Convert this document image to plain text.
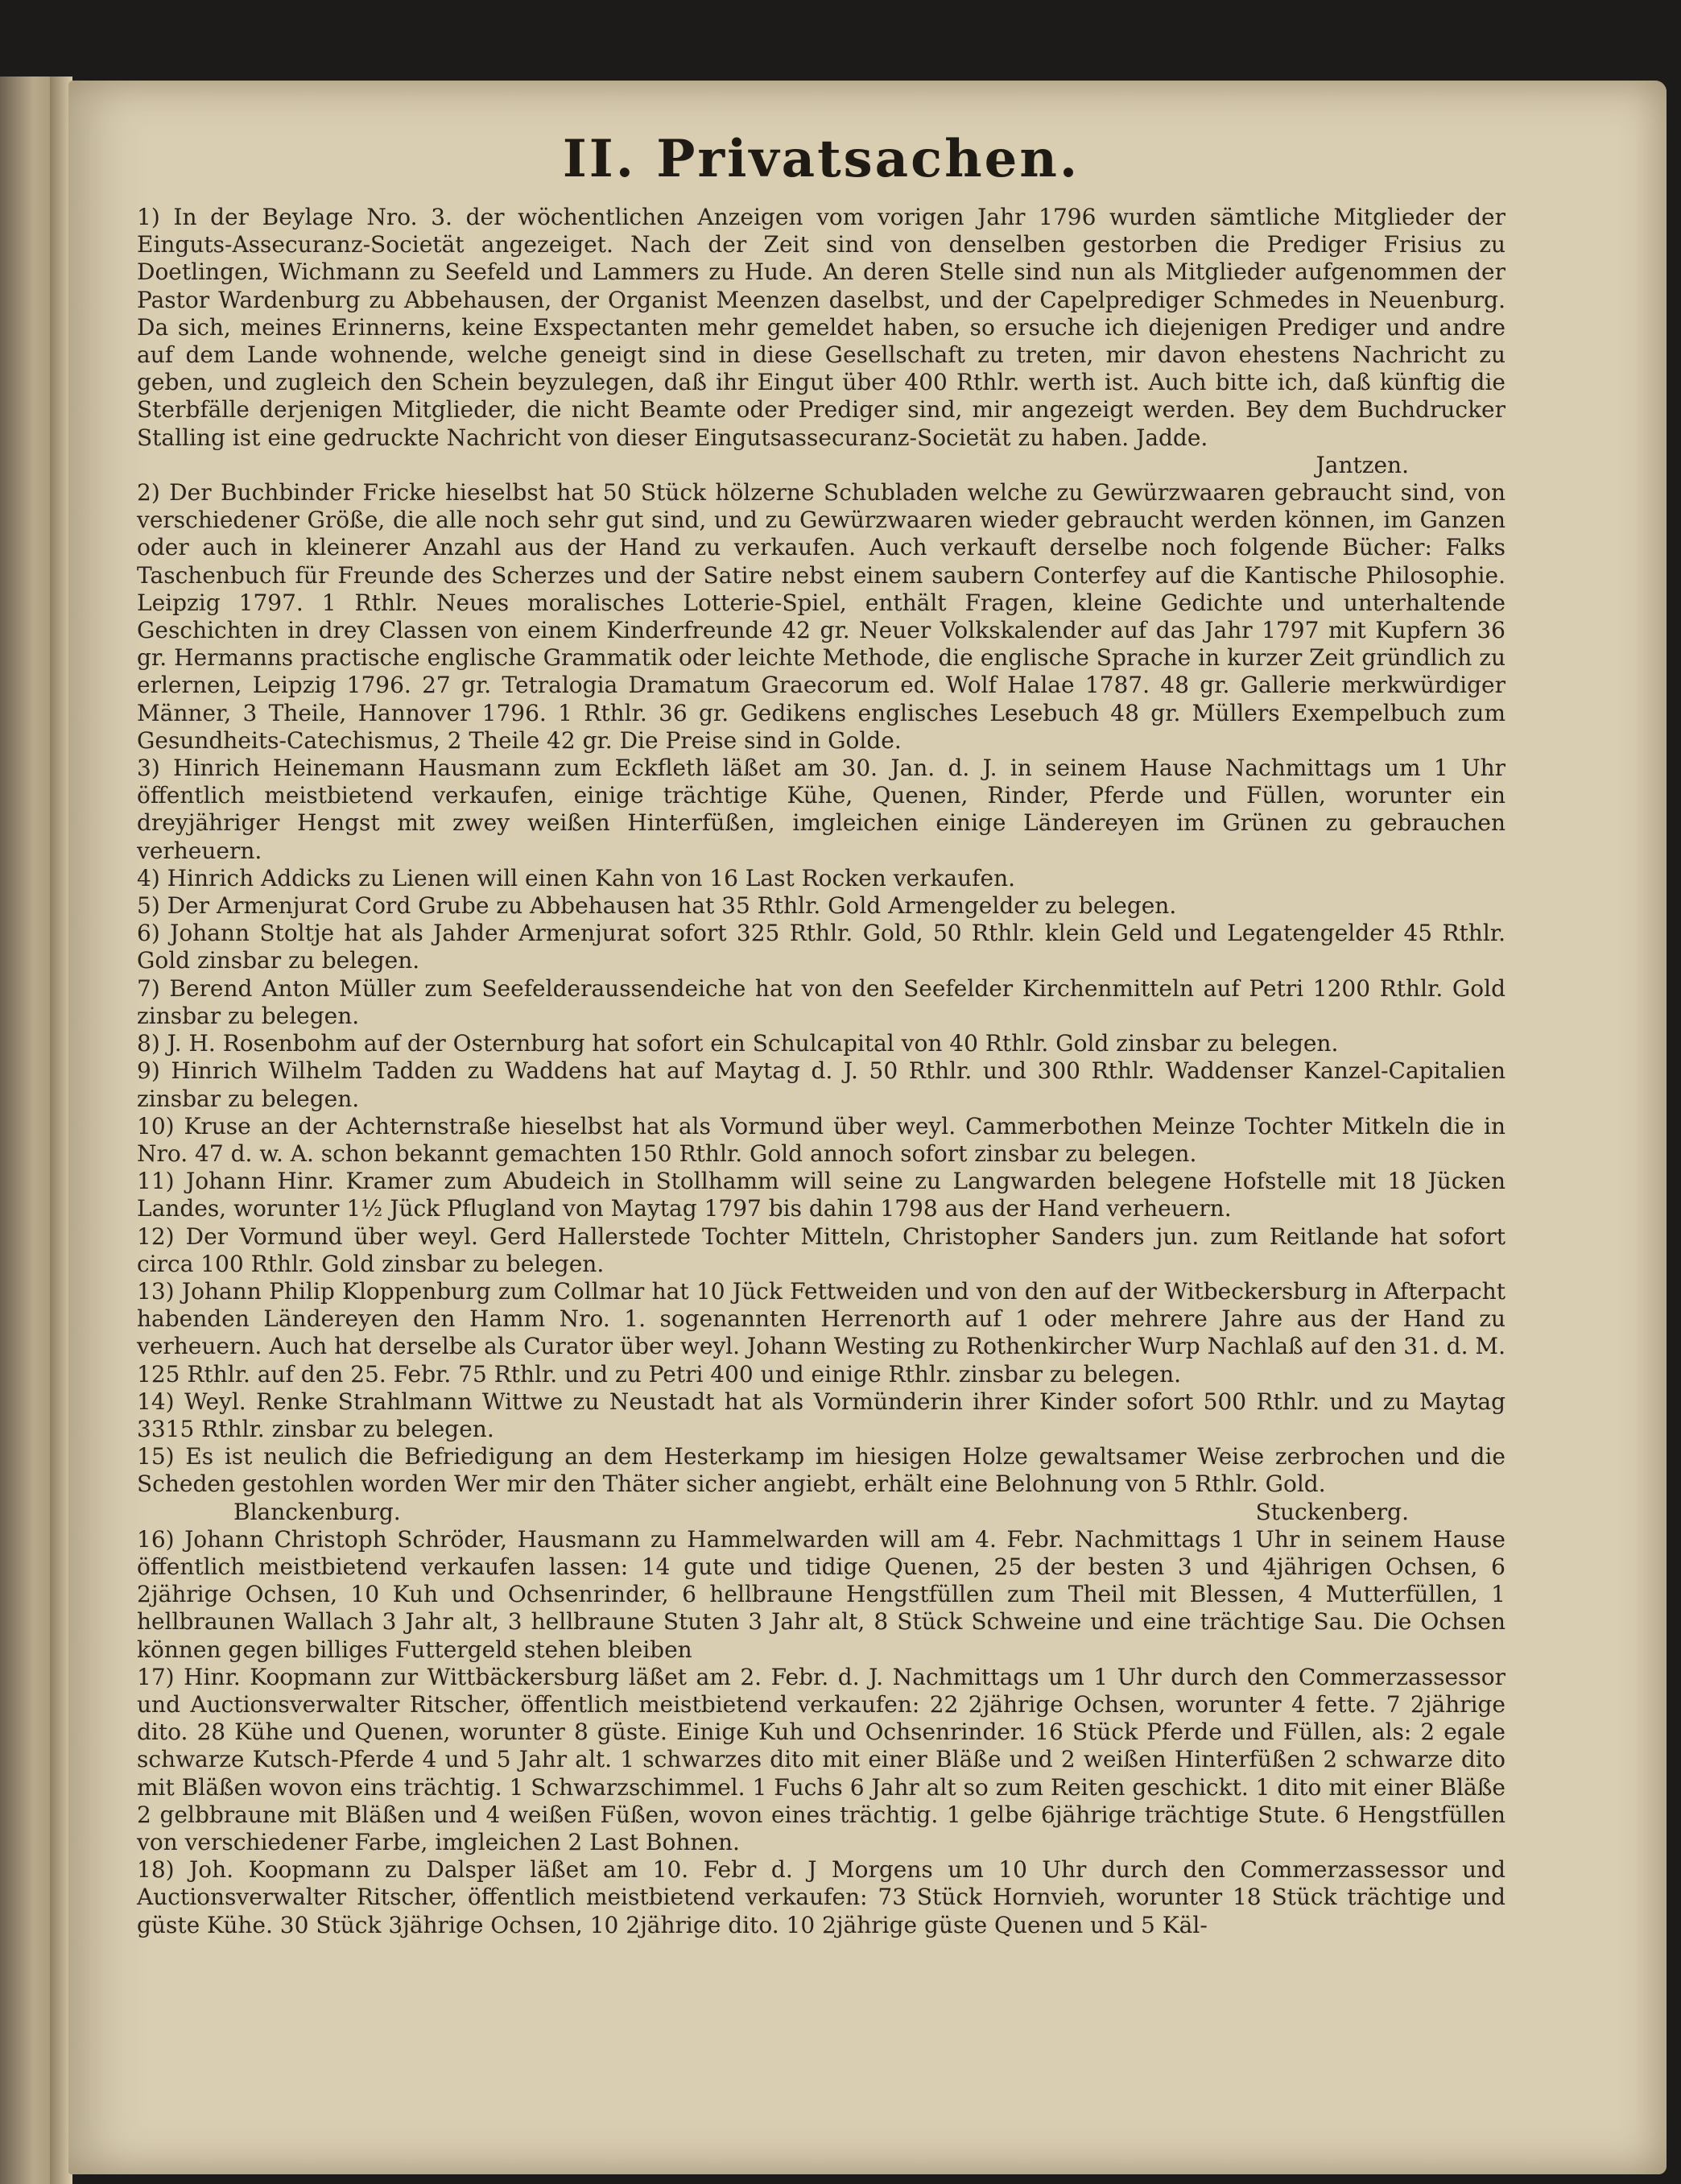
II. Privatsachen.

1) In der Beylage Nro. 3. der wöchentlichen Anzeigen vom vorigen Jahr 1796 wurden sämtliche Mitglieder der Einguts-Assecuranz-Societät angezeiget. Nach der Zeit sind von denselben gestorben die Prediger Frisius zu Doetlingen, Wichmann zu Seefeld und Lammers zu Hude. An deren Stelle sind nun als Mitglieder aufgenommen der Pastor Wardenburg zu Abbehausen, der Organist Meenzen daselbst, und der Capelprediger Schmedes in Neuenburg. Da sich, meines Erinnerns, keine Exspectanten mehr gemeldet haben, so ersuche ich diejenigen Prediger und andre auf dem Lande wohnende, welche geneigt sind in diese Gesellschaft zu treten, mir davon ehestens Nachricht zu geben, und zugleich den Schein beyzulegen, daß ihr Eingut über 400 Rthlr. werth ist. Auch bitte ich, daß künftig die Sterbfälle derjenigen Mitglieder, die nicht Beamte oder Prediger sind, mir angezeigt werden. Bey dem Buchdrucker Stalling ist eine gedruckte Nachricht von dieser Eingutsassecuranz-Societät zu haben. Jadde.

Jantzen.

2) Der Buchbinder Fricke hieselbst hat 50 Stück hölzerne Schubladen welche zu Gewürzwaaren gebraucht sind, von verschiedener Größe, die alle noch sehr gut sind, und zu Gewürzwaaren wieder gebraucht werden können, im Ganzen oder auch in kleinerer Anzahl aus der Hand zu verkaufen. Auch verkauft derselbe noch folgende Bücher: Falks Taschenbuch für Freunde des Scherzes und der Satire nebst einem saubern Conterfey auf die Kantische Philosophie. Leipzig 1797. 1 Rthlr. Neues moralisches Lotterie-Spiel, enthält Fragen, kleine Gedichte und unterhaltende Geschichten in drey Classen von einem Kinderfreunde 42 gr. Neuer Volkskalender auf das Jahr 1797 mit Kupfern 36 gr. Hermanns practische englische Grammatik oder leichte Methode, die englische Sprache in kurzer Zeit gründlich zu erlernen, Leipzig 1796. 27 gr. Tetralogia Dramatum Graecorum ed. Wolf Halae 1787. 48 gr. Gallerie merkwürdiger Männer, 3 Theile, Hannover 1796. 1 Rthlr. 36 gr. Gedikens englisches Lesebuch 48 gr. Müllers Exempelbuch zum Gesundheits-Catechismus, 2 Theile 42 gr. Die Preise sind in Golde.

3) Hinrich Heinemann Hausmann zum Eckfleth läßet am 30. Jan. d. J. in seinem Hause Nachmittags um 1 Uhr öffentlich meistbietend verkaufen, einige trächtige Kühe, Quenen, Rinder, Pferde und Füllen, worunter ein dreyjähriger Hengst mit zwey weißen Hinterfüßen, imgleichen einige Ländereyen im Grünen zu gebrauchen verheuern.

4) Hinrich Addicks zu Lienen will einen Kahn von 16 Last Rocken verkaufen.

5) Der Armenjurat Cord Grube zu Abbehausen hat 35 Rthlr. Gold Armengelder zu belegen.

6) Johann Stoltje hat als Jahder Armenjurat sofort 325 Rthlr. Gold, 50 Rthlr. klein Geld und Legatengelder 45 Rthlr. Gold zinsbar zu belegen.

7) Berend Anton Müller zum Seefelderaussendeiche hat von den Seefelder Kirchenmitteln auf Petri 1200 Rthlr. Gold zinsbar zu belegen.

8) J. H. Rosenbohm auf der Osternburg hat sofort ein Schulcapital von 40 Rthlr. Gold zinsbar zu belegen.

9) Hinrich Wilhelm Tadden zu Waddens hat auf Maytag d. J. 50 Rthlr. und 300 Rthlr. Waddenser Kanzel-Capitalien zinsbar zu belegen.

10) Kruse an der Achternstraße hieselbst hat als Vormund über weyl. Cammerbothen Meinze Tochter Mitkeln die in Nro. 47 d. w. A. schon bekannt gemachten 150 Rthlr. Gold annoch sofort zinsbar zu belegen.

11) Johann Hinr. Kramer zum Abudeich in Stollhamm will seine zu Langwarden belegene Hofstelle mit 18 Jücken Landes, worunter 1½ Jück Pflugland von Maytag 1797 bis dahin 1798 aus der Hand verheuern.

12) Der Vormund über weyl. Gerd Hallerstede Tochter Mitteln, Christopher Sanders jun. zum Reitlande hat sofort circa 100 Rthlr. Gold zinsbar zu belegen.

13) Johann Philip Kloppenburg zum Collmar hat 10 Jück Fettweiden und von den auf der Witbeckersburg in Afterpacht habenden Ländereyen den Hamm Nro. 1. sogenannten Herrenorth auf 1 oder mehrere Jahre aus der Hand zu verheuern. Auch hat derselbe als Curator über weyl. Johann Westing zu Rothenkircher Wurp Nachlaß auf den 31. d. M. 125 Rthlr. auf den 25. Febr. 75 Rthlr. und zu Petri 400 und einige Rthlr. zinsbar zu belegen.

14) Weyl. Renke Strahlmann Wittwe zu Neustadt hat als Vormünderin ihrer Kinder sofort 500 Rthlr. und zu Maytag 3315 Rthlr. zinsbar zu belegen.

15) Es ist neulich die Befriedigung an dem Hesterkamp im hiesigen Holze gewaltsamer Weise zerbrochen und die Scheden gestohlen worden Wer mir den Thäter sicher angiebt, erhält eine Belohnung von 5 Rthlr. Gold.

Blanckenburg.	Stuckenberg.

16) Johann Christoph Schröder, Hausmann zu Hammelwarden will am 4. Febr. Nachmittags 1 Uhr in seinem Hause öffentlich meistbietend verkaufen lassen: 14 gute und tidige Quenen, 25 der besten 3 und 4jährigen Ochsen, 6 2jährige Ochsen, 10 Kuh und Ochsenrinder, 6 hellbraune Hengstfüllen zum Theil mit Blessen, 4 Mutterfüllen, 1 hellbraunen Wallach 3 Jahr alt, 3 hellbraune Stuten 3 Jahr alt, 8 Stück Schweine und eine trächtige Sau. Die Ochsen können gegen billiges Futtergeld stehen bleiben

17) Hinr. Koopmann zur Wittbäckersburg läßet am 2. Febr. d. J. Nachmittags um 1 Uhr durch den Commerzassessor und Auctionsverwalter Ritscher, öffentlich meistbietend verkaufen: 22 2jährige Ochsen, worunter 4 fette. 7 2jährige dito. 28 Kühe und Quenen, worunter 8 güste. Einige Kuh und Ochsenrinder. 16 Stück Pferde und Füllen, als: 2 egale schwarze Kutsch-Pferde 4 und 5 Jahr alt. 1 schwarzes dito mit einer Bläße und 2 weißen Hinterfüßen 2 schwarze dito mit Bläßen wovon eins trächtig. 1 Schwarzschimmel. 1 Fuchs 6 Jahr alt so zum Reiten geschickt. 1 dito mit einer Bläße 2 gelbbraune mit Bläßen und 4 weißen Füßen, wovon eines trächtig. 1 gelbe 6jährige trächtige Stute. 6 Hengstfüllen von verschiedener Farbe, imgleichen 2 Last Bohnen.

18) Joh. Koopmann zu Dalsper läßet am 10. Febr d. J Morgens um 10 Uhr durch den Commerzassessor und Auctionsverwalter Ritscher, öffentlich meistbietend verkaufen: 73 Stück Hornvieh, worunter 18 Stück trächtige und güste Kühe. 30 Stück 3jährige Ochsen, 10 2jährige dito. 10 2jährige güste Quenen und 5 Käl-
